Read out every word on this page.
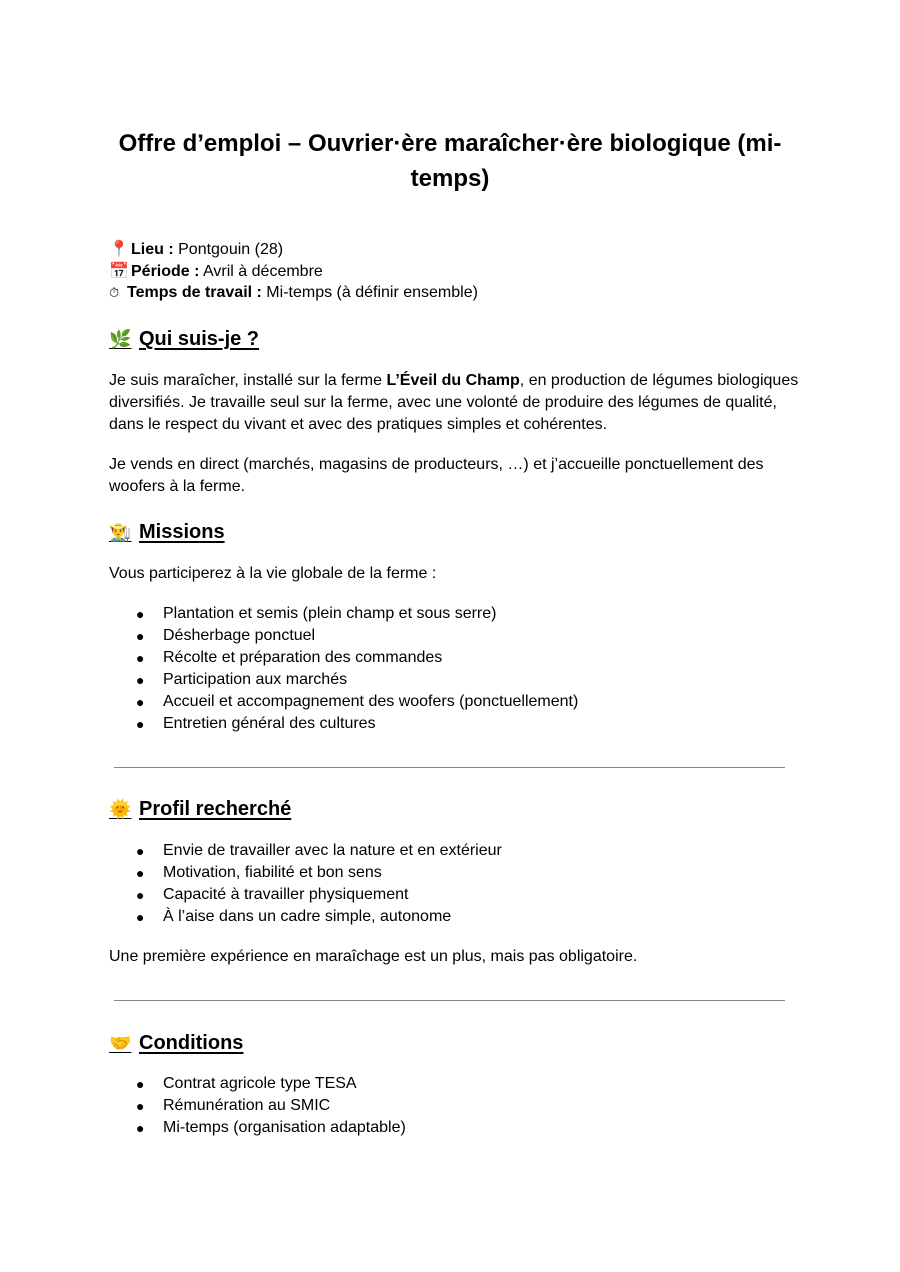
Offre d’emploi – Ouvrier·ère maraîcher·ère biologique (mi-temps)
📍 Lieu : Pontgouin (28)
📅 Période : Avril à décembre
⏱ Temps de travail : Mi-temps (à définir ensemble)
🌿 Qui suis-je ?

Je suis maraîcher, installé sur la ferme L’Éveil du Champ, en production de légumes biologiques diversifiés. Je travaille seul sur la ferme, avec une volonté de produire des légumes de qualité, dans le respect du vivant et avec des pratiques simples et cohérentes.

Je vends en direct (marchés, magasins de producteurs, …) et j’accueille ponctuellement des woofers à la ferme.

👨‍🌾 Missions

Vous participerez à la vie globale de la ferme :

● Plantation et semis (plein champ et sous serre)
● Désherbage ponctuel
● Récolte et préparation des commandes
● Participation aux marchés
● Accueil et accompagnement des woofers (ponctuellement)
● Entretien général des cultures
🌞 Profil recherché
● Envie de travailler avec la nature et en extérieur
● Motivation, fiabilité et bon sens
● Capacité à travailler physiquement
● À l’aise dans un cadre simple, autonome

Une première expérience en maraîchage est un plus, mais pas obligatoire.

🤝 Conditions
● Contrat agricole type TESA
● Rémunération au SMIC
● Mi-temps (organisation adaptable)
